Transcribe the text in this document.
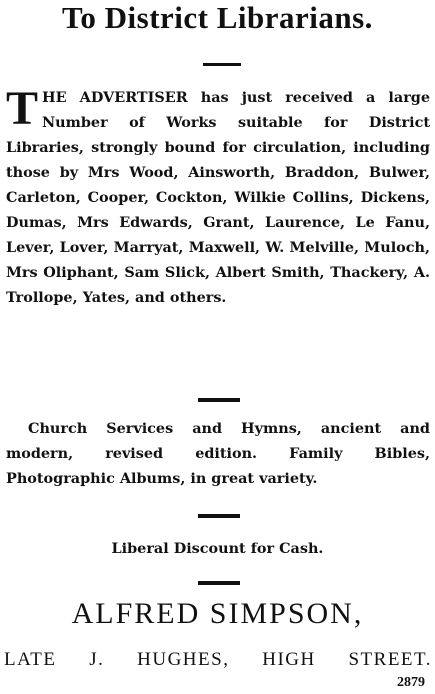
To District Librarians.
THE ADVERTISER has just received a large Number of Works suitable for District Libraries, strongly bound for circulation, including those by Mrs Wood, Ainsworth, Braddon, Bulwer, Carleton, Cooper, Cockton, Wilkie Collins, Dickens, Dumas, Mrs Edwards, Grant, Laurence, Le Fanu, Lever, Lover, Marryat, Maxwell, W. Melville, Muloch, Mrs Oliphant, Sam Slick, Albert Smith, Thackery, A. Trollope, Yates, and others.
Church Services and Hymns, ancient and modern, revised edition. Family Bibles, Photographic Albums, in great variety.
Liberal Discount for Cash.
ALFRED SIMPSON,
LATE J. HUGHES, HIGH STREET.
2879
